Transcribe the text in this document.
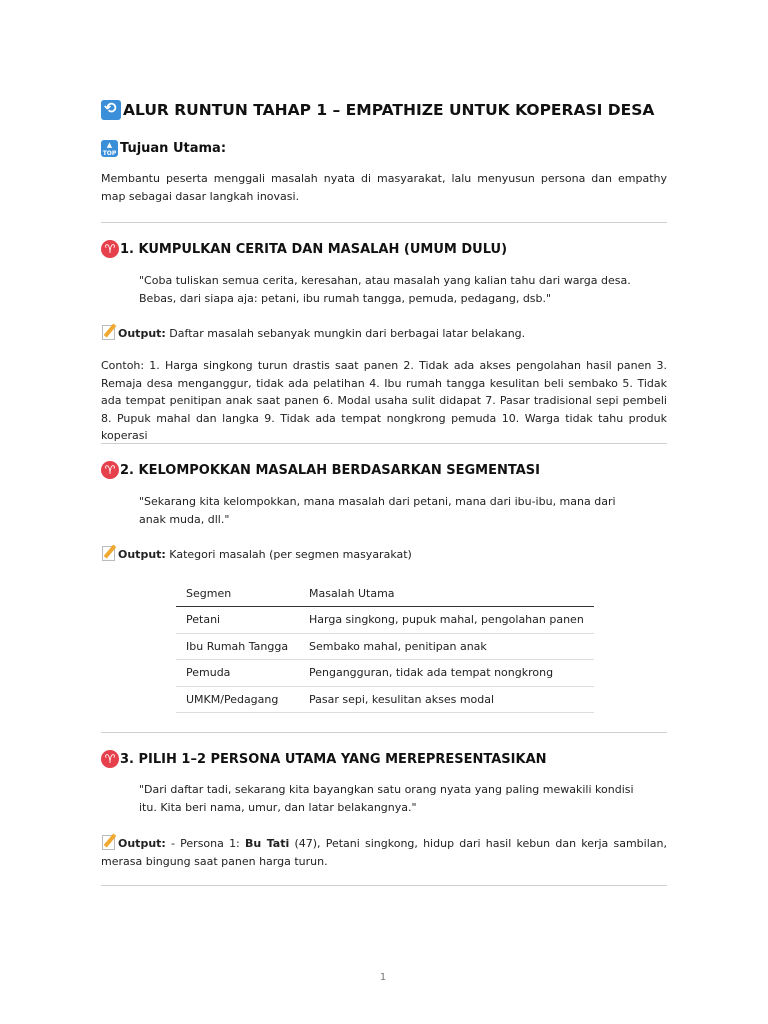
⟲
ALUR RUNTUN TAHAP 1 – EMPATHIZE UNTUK KOPERASI DESA
▲
TOP Tujuan Utama:

Membantu peserta menggali masalah nyata di masyarakat, lalu menyusun persona dan empathy map sebagai dasar langkah inovasi.

♈ 1. KUMPULKAN CERITA DAN MASALAH (UMUM DULU)

"Coba tuliskan semua cerita, keresahan, atau masalah yang kalian tahu dari warga desa. Bebas, dari siapa aja: petani, ibu rumah tangga, pemuda, pedagang, dsb."

Output: Daftar masalah sebanyak mungkin dari berbagai latar belakang.

Contoh: 1. Harga singkong turun drastis saat panen 2. Tidak ada akses pengolahan hasil panen 3. Remaja desa menganggur, tidak ada pelatihan 4. Ibu rumah tangga kesulitan beli sembako 5. Tidak ada tempat penitipan anak saat panen 6. Modal usaha sulit didapat 7. Pasar tradisional sepi pembeli 8. Pupuk mahal dan langka 9. Tidak ada tempat nongkrong pemuda 10. Warga tidak tahu produk koperasi

♈ 2. KELOMPOKKAN MASALAH BERDASARKAN SEGMENTASI

"Sekarang kita kelompokkan, mana masalah dari petani, mana dari ibu-ibu, mana dari anak muda, dll."

Output: Kategori masalah (per segmen masyarakat)

Segmen	Masalah Utama
Petani	Harga singkong, pupuk mahal, pengolahan panen
Ibu Rumah Tangga	Sembako mahal, penitipan anak
Pemuda	Pengangguran, tidak ada tempat nongkrong
UMKM/Pedagang	Pasar sepi, kesulitan akses modal
♈ 3. PILIH 1–2 PERSONA UTAMA YANG MEREPRESENTASIKAN

"Dari daftar tadi, sekarang kita bayangkan satu orang nyata yang paling mewakili kondisi itu. Kita beri nama, umur, dan latar belakangnya."

Output: - Persona 1: Bu Tati (47), Petani singkong, hidup dari hasil kebun dan kerja sambilan, merasa bingung saat panen harga turun.

1
